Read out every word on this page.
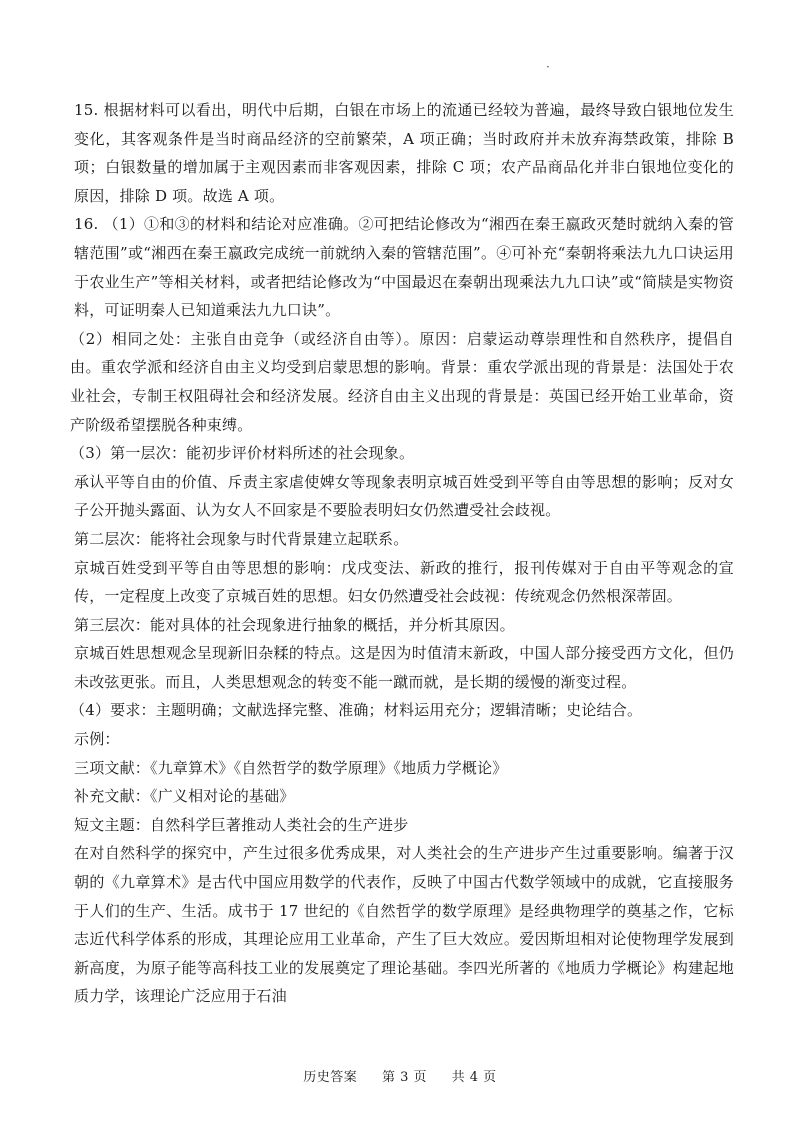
·

15. 根据材料可以看出，明代中后期，白银在市场上的流通已经较为普遍，最终导致白银地位发生变化，其客观条件是当时商品经济的空前繁荣，A 项正确；当时政府并未放弃海禁政策，排除 B 项；白银数量的增加属于主观因素而非客观因素，排除 C 项；农产品商品化并非白银地位变化的原因，排除 D 项。故选 A 项。

16. （1）①和③的材料和结论对应准确。②可把结论修改为“湘西在秦王嬴政灭楚时就纳入秦的管辖范围”或“湘西在秦王嬴政完成统一前就纳入秦的管辖范围”。④可补充“秦朝将乘法九九口诀运用于农业生产”等相关材料，或者把结论修改为“中国最迟在秦朝出现乘法九九口诀”或“简牍是实物资料，可证明秦人已知道乘法九九口诀”。

（2）相同之处：主张自由竞争（或经济自由等）。原因：启蒙运动尊崇理性和自然秩序，提倡自由。重农学派和经济自由主义均受到启蒙思想的影响。背景：重农学派出现的背景是：法国处于农业社会，专制王权阻碍社会和经济发展。经济自由主义出现的背景是：英国已经开始工业革命，资产阶级希望摆脱各种束缚。

（3）第一层次：能初步评价材料所述的社会现象。

承认平等自由的价值、斥责主家虐使婢女等现象表明京城百姓受到平等自由等思想的影响；反对女子公开抛头露面、认为女人不回家是不要脸表明妇女仍然遭受社会歧视。

第二层次：能将社会现象与时代背景建立起联系。

京城百姓受到平等自由等思想的影响：戊戌变法、新政的推行，报刊传媒对于自由平等观念的宣传，一定程度上改变了京城百姓的思想。妇女仍然遭受社会歧视：传统观念仍然根深蒂固。

第三层次：能对具体的社会现象进行抽象的概括，并分析其原因。

京城百姓思想观念呈现新旧杂糅的特点。这是因为时值清末新政，中国人部分接受西方文化，但仍未改弦更张。而且，人类思想观念的转变不能一蹴而就，是长期的缓慢的渐变过程。

（4）要求：主题明确；文献选择完整、准确；材料运用充分；逻辑清晰；史论结合。

示例：

三项文献：《九章算术》《自然哲学的数学原理》《地质力学概论》

补充文献：《广义相对论的基础》

短文主题：自然科学巨著推动人类社会的生产进步

在对自然科学的探究中，产生过很多优秀成果，对人类社会的生产进步产生过重要影响。编著于汉朝的《九章算术》是古代中国应用数学的代表作，反映了中国古代数学领域中的成就，它直接服务于人们的生产、生活。成书于 17 世纪的《自然哲学的数学原理》是经典物理学的奠基之作，它标志近代科学体系的形成，其理论应用工业革命，产生了巨大效应。爱因斯坦相对论使物理学发展到新高度，为原子能等高科技工业的发展奠定了理论基础。李四光所著的《地质力学概论》构建起地质力学，该理论广泛应用于石油

历史答案 第 3 页 共 4 页
